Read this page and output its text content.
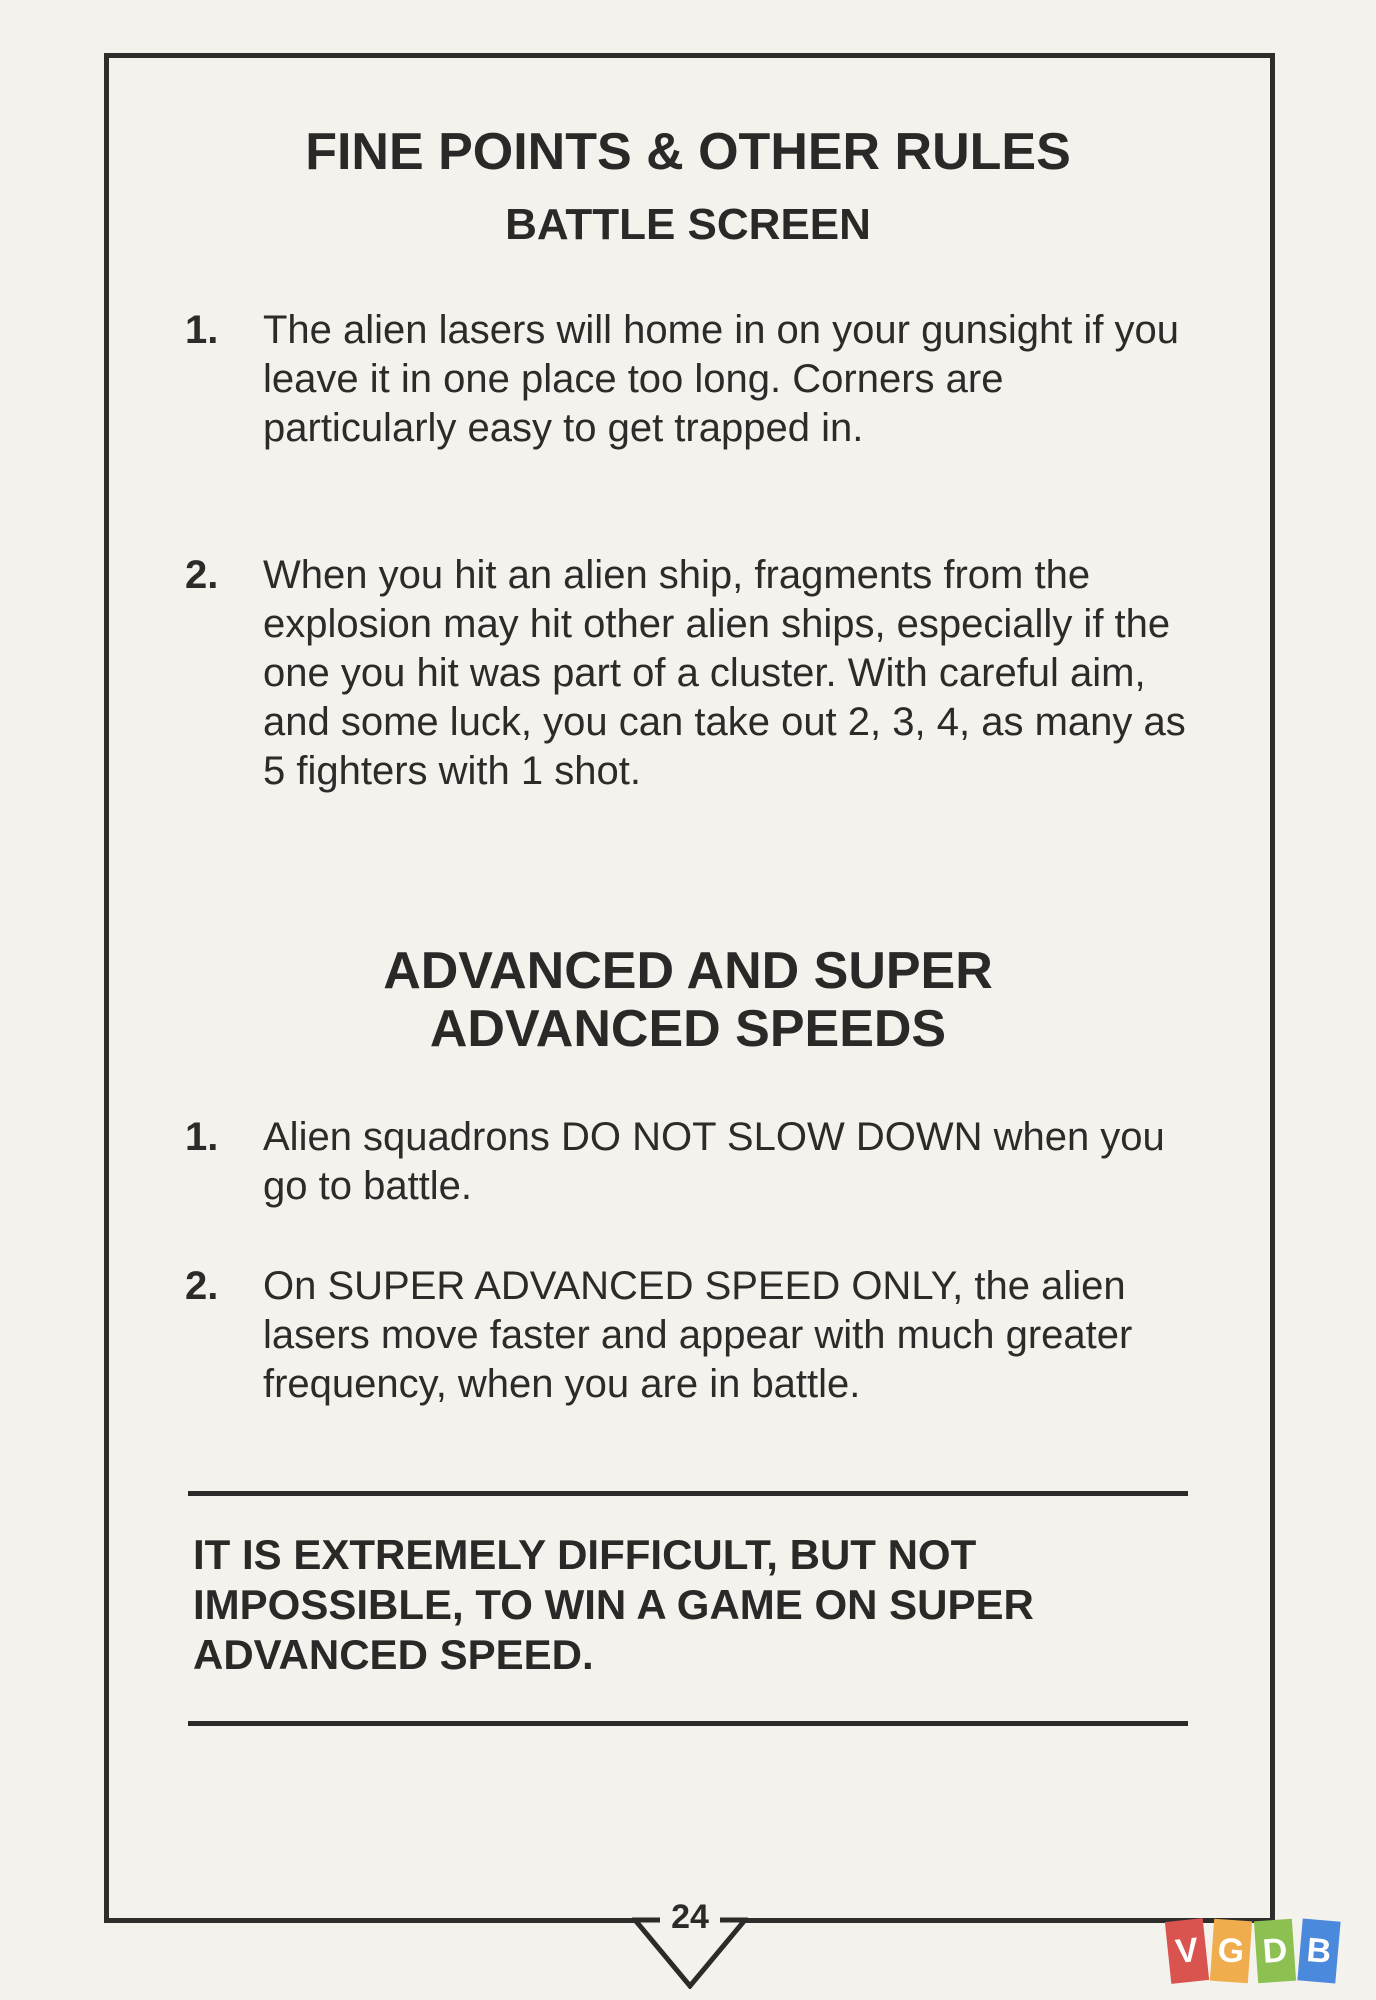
FINE POINTS & OTHER RULES
BATTLE SCREEN
1. The alien lasers will home in on your gunsight if you leave it in one place too long. Corners are particularly easy to get trapped in.
2. When you hit an alien ship, fragments from the explosion may hit other alien ships, especially if the one you hit was part of a cluster. With careful aim, and some luck, you can take out 2, 3, 4, as many as 5 fighters with 1 shot.
ADVANCED AND SUPER
ADVANCED SPEEDS
1. Alien squadrons DO NOT SLOW DOWN when you go to battle.
2. On SUPER ADVANCED SPEED ONLY, the alien lasers move faster and appear with much greater frequency, when you are in battle.
IT IS EXTREMELY DIFFICULT, BUT NOT IMPOSSIBLE, TO WIN A GAME ON SUPER ADVANCED SPEED.
24
V G D B
